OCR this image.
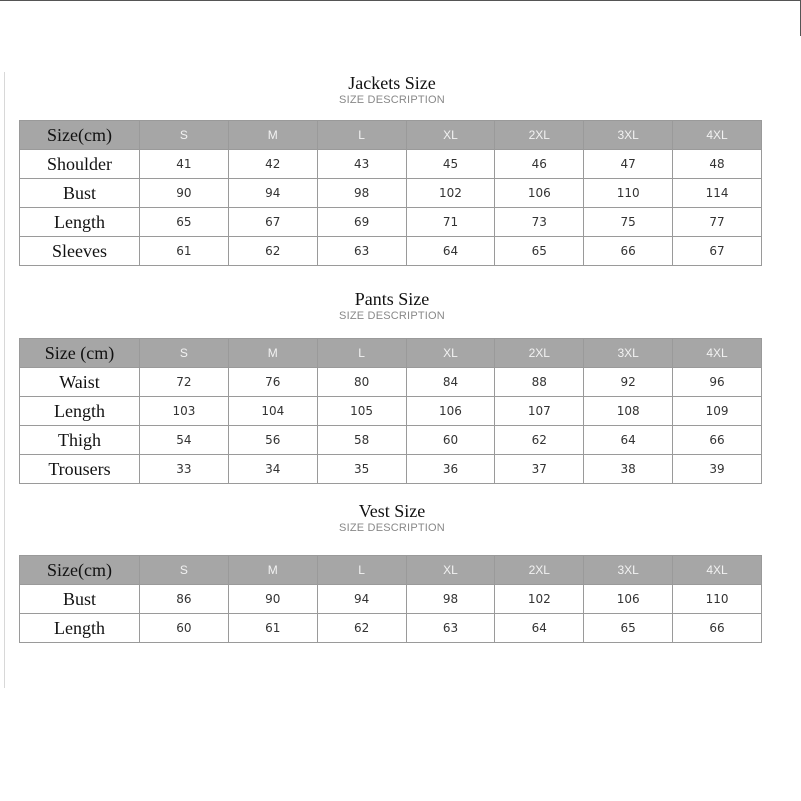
Jackets Size
SIZE DESCRIPTION
Size(cm)	S	M	L	XL	2XL	3XL	4XL
Shoulder	41	42	43	45	46	47	48
Bust	90	94	98	102	106	110	114
Length	65	67	69	71	73	75	77
Sleeves	61	62	63	64	65	66	67
Pants Size
SIZE DESCRIPTION
Size (cm)	S	M	L	XL	2XL	3XL	4XL
Waist	72	76	80	84	88	92	96
Length	103	104	105	106	107	108	109
Thigh	54	56	58	60	62	64	66
Trousers	33	34	35	36	37	38	39
Vest Size
SIZE DESCRIPTION
Size(cm)	S	M	L	XL	2XL	3XL	4XL
Bust	86	90	94	98	102	106	110
Length	60	61	62	63	64	65	66
